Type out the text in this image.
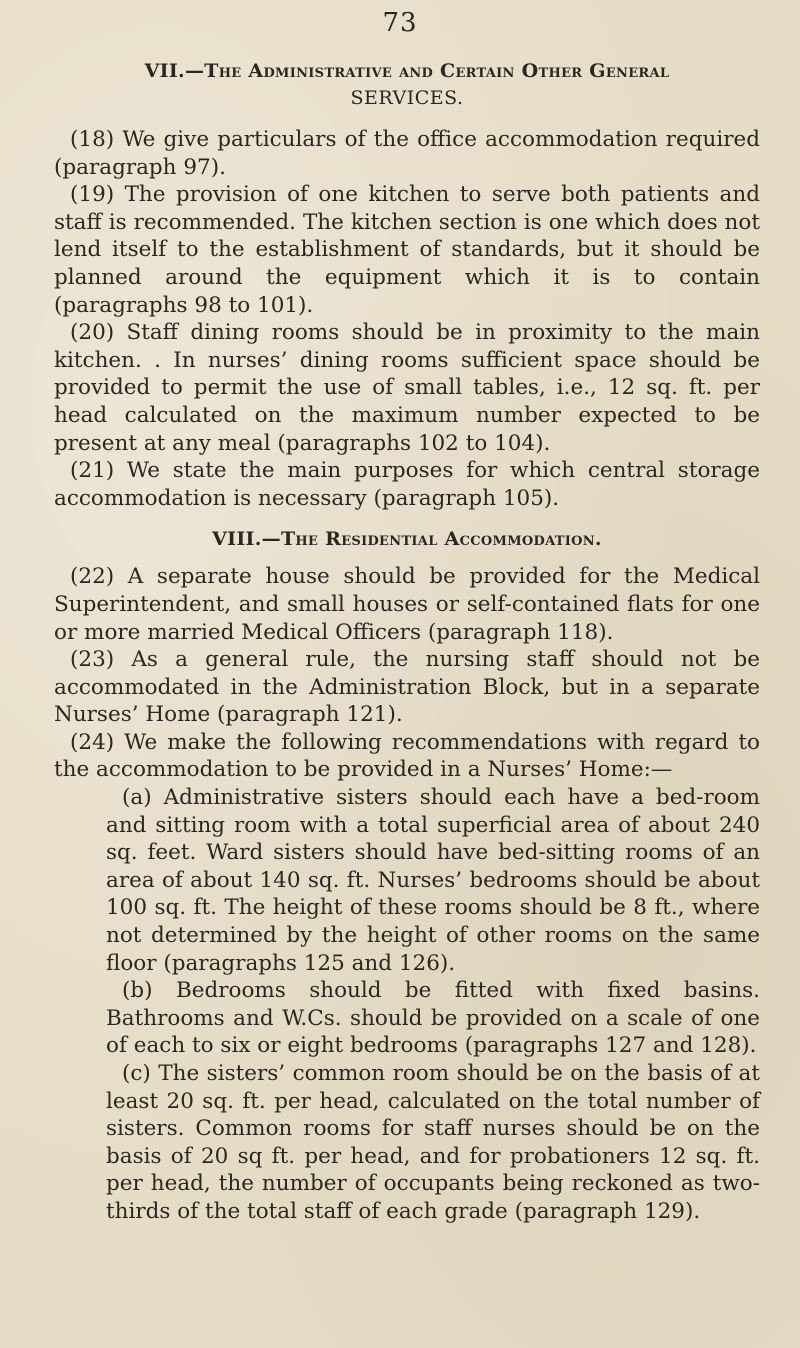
73
VII.—The Administrative and Certain Other General
SERVICES.

(18) We give particulars of the office accommodation required (paragraph 97).

(19) The provision of one kitchen to serve both patients and staff is recommended. The kitchen section is one which does not lend itself to the establishment of standards, but it should be planned around the equipment which it is to contain (paragraphs 98 to 101).

(20) Staff dining rooms should be in proximity to the main kitchen. . In nurses’ dining rooms sufficient space should be provided to permit the use of small tables, i.e., 12 sq. ft. per head calculated on the maximum number expected to be present at any meal (paragraphs 102 to 104).

(21) We state the main purposes for which central storage accommodation is necessary (paragraph 105).

VIII.—The Residential Accommodation.

(22) A separate house should be provided for the Medical Superintendent, and small houses or self-contained flats for one or more married Medical Officers (paragraph 118).

(23) As a general rule, the nursing staff should not be accommodated in the Administration Block, but in a separate Nurses’ Home (paragraph 121).

(24) We make the following recommendations with regard to the accommodation to be provided in a Nurses’ Home:—

(a) Administrative sisters should each have a bed-room and sitting room with a total superficial area of about 240 sq. feet. Ward sisters should have bed-sitting rooms of an area of about 140 sq. ft. Nurses’ bedrooms should be about 100 sq. ft. The height of these rooms should be 8 ft., where not determined by the height of other rooms on the same floor (paragraphs 125 and 126).

(b) Bedrooms should be fitted with fixed basins. Bathrooms and W.Cs. should be provided on a scale of one of each to six or eight bedrooms (paragraphs 127 and 128).

(c) The sisters’ common room should be on the basis of at least 20 sq. ft. per head, calculated on the total number of sisters. Common rooms for staff nurses should be on the basis of 20 sq ft. per head, and for probationers 12 sq. ft. per head, the number of occupants being reckoned as two-thirds of the total staff of each grade (paragraph 129).
